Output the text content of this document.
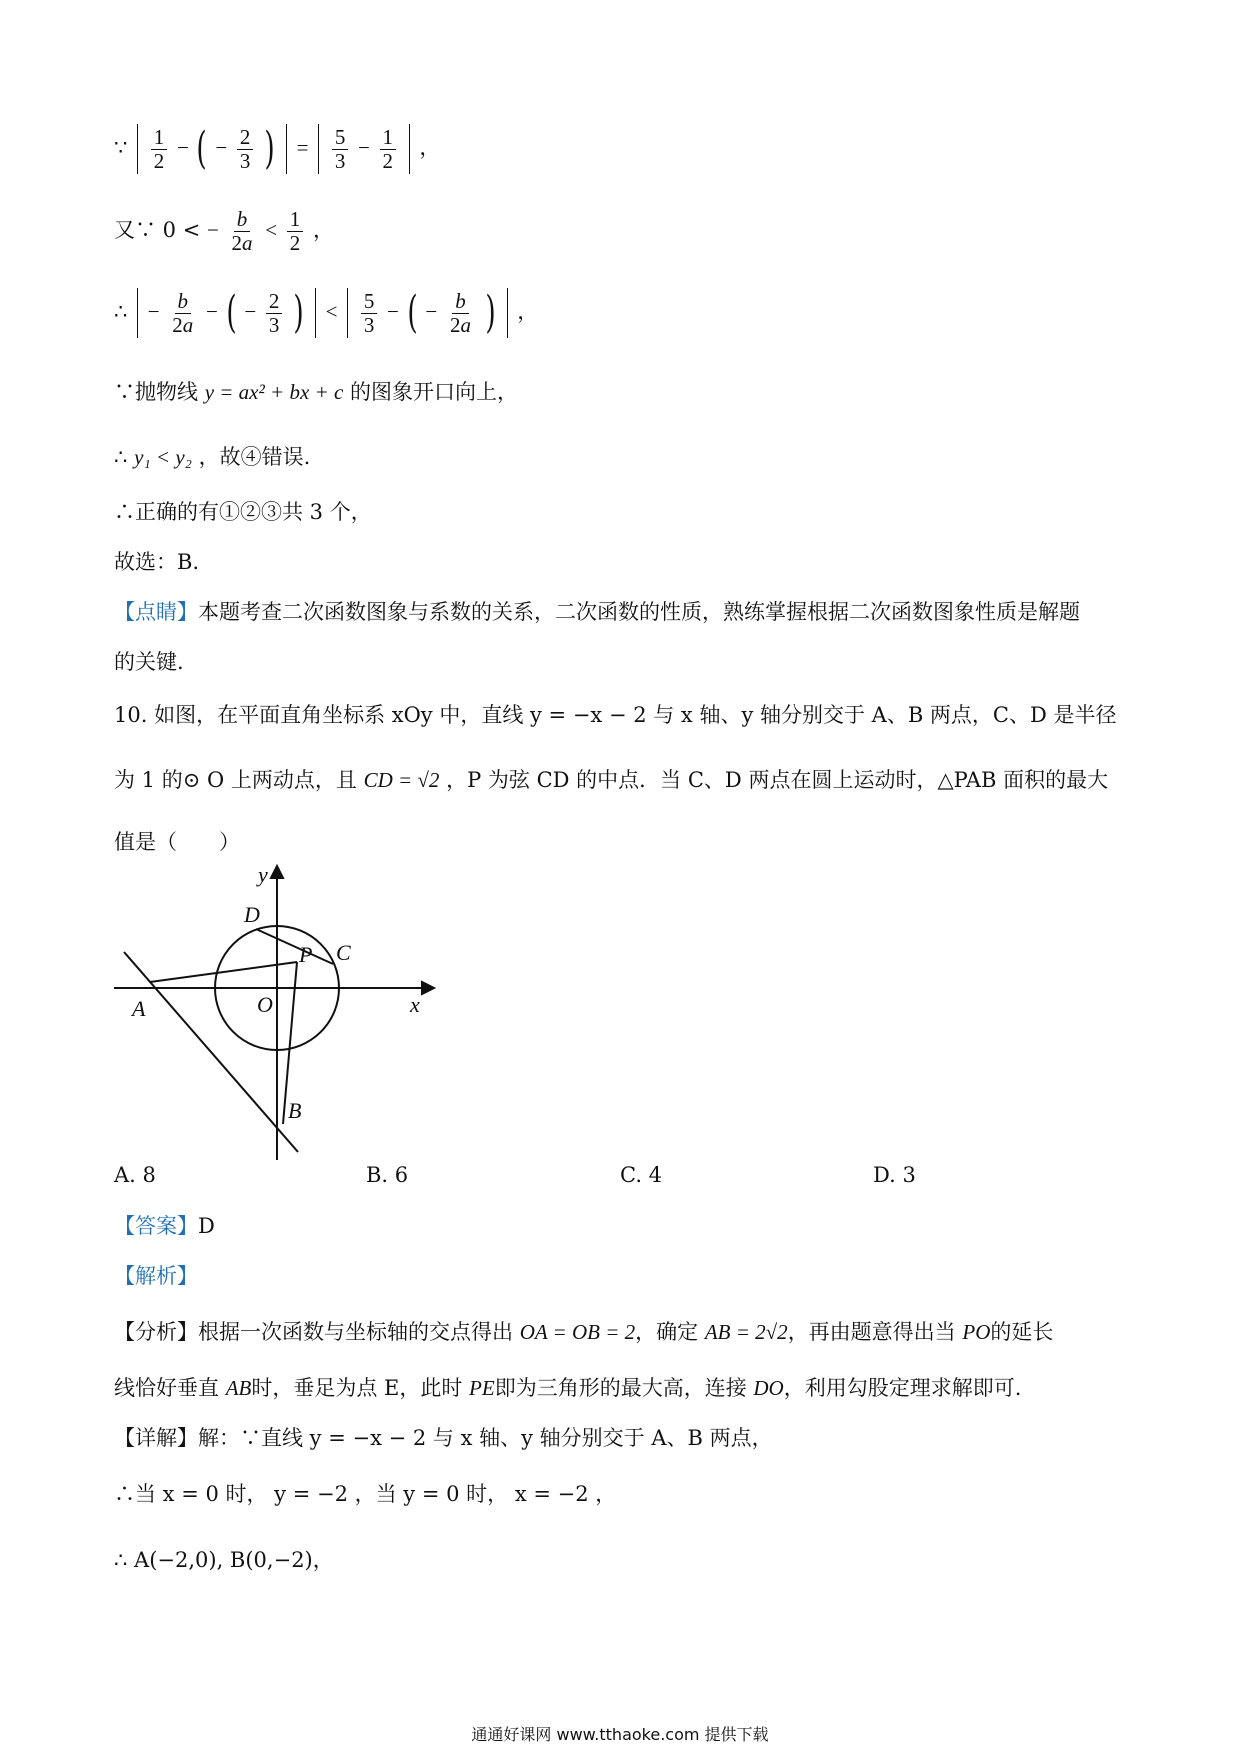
∵ $\frac{1}{2}$ − ( − $\frac{2}{3}$ ) = $\frac{5}{3} - \frac{1}{2}$ ，
又∵ 0 < − $\frac{b}{2a} < \frac{1}{2}$ ，
∴ − $\frac{b}{2a}$ − ( − $\frac{2}{3}$ ) < $\frac{5}{3}$ − ( − $\frac{b}{2a}$ ) ，
∵抛物线 y = ax² + bx + c 的图象开口向上，
∴ y₁ < y₂ ，故④错误.
∴正确的有①②③共 3 个，
故选：B.
【点睛】本题考查二次函数图象与系数的关系，二次函数的性质，熟练掌握根据二次函数图象性质是解题
的关键.
10. 如图，在平面直角坐标系 xOy 中，直线 y = −x − 2 与 x 轴、y 轴分别交于 A、B 两点，C、D 是半径
为 1 的⊙ O 上两动点，且 CD = √2 ，P 为弦 CD 的中点．当 C、D 两点在圆上运动时，△PAB 面积的最大
值是（　　）
y
x
D
C
P
A	O
B
A. 8	B. 6	C. 4	D. 3
【答案】D
【解析】
【分析】根据一次函数与坐标轴的交点得出 OA = OB = 2，确定 AB = 2√2，再由题意得出当 PO的延长
线恰好垂直 AB时，垂足为点 E，此时 PE即为三角形的最大高，连接 DO，利用勾股定理求解即可.
【详解】解：∵直线 y = −x − 2 与 x 轴、y 轴分别交于 A、B 两点，
∴当 x = 0 时， y = −2 ，当 y = 0 时， x = −2 ，
∴ A(−2,0), B(0,−2)，
通通好课网 www.tthaoke.com 提供下载
